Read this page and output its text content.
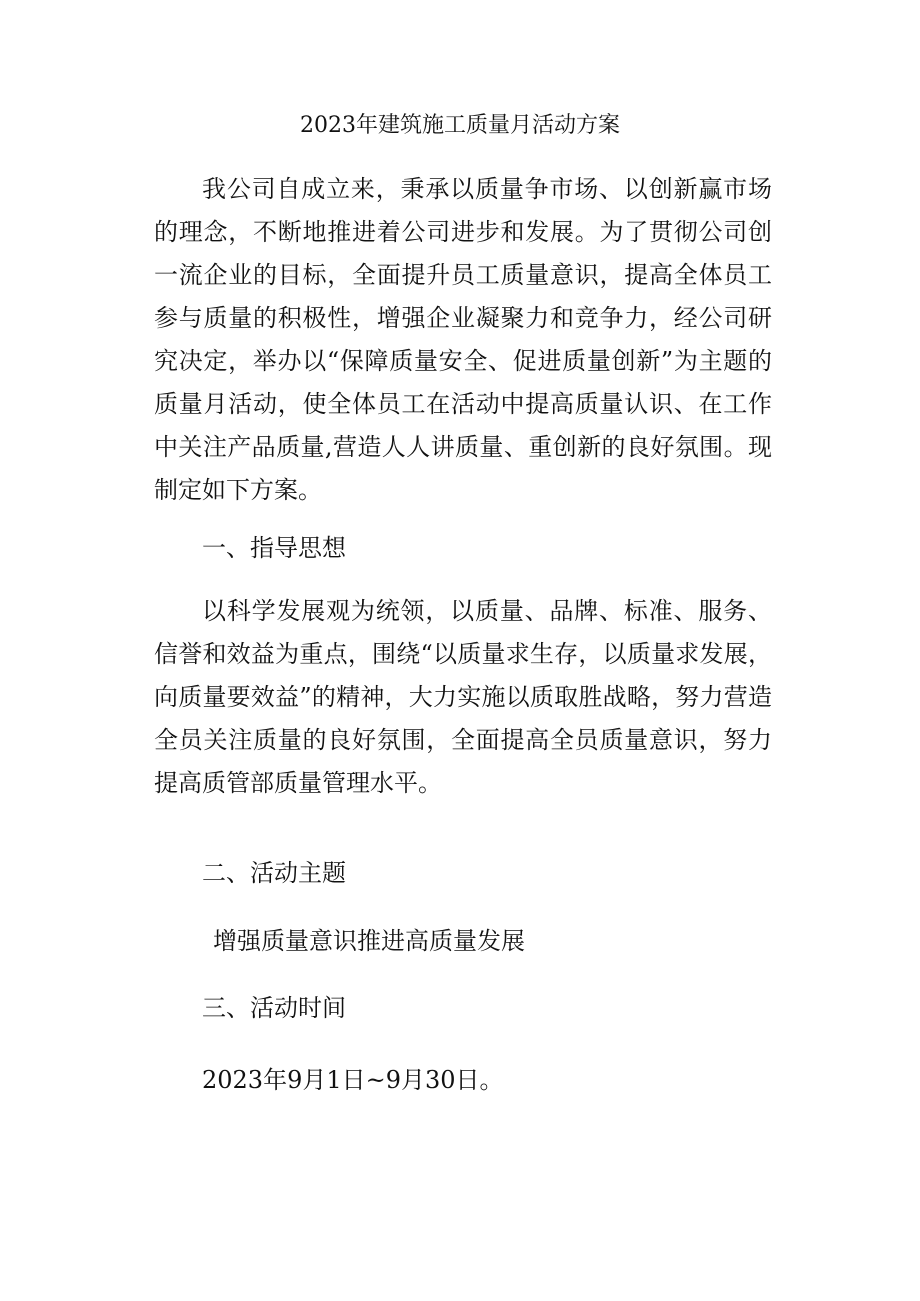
2023年建筑施工质量月活动方案

我公司自成立来，秉承以质量争市场、以创新赢市场的理念，不断地推进着公司进步和发展。为了贯彻公司创一流企业的目标，全面提升员工质量意识，提高全体员工参与质量的积极性，增强企业凝聚力和竞争力，经公司研究决定，举办以“保障质量安全、促进质量创新”为主题的质量月活动，使全体员工在活动中提高质量认识、在工作中关注产品质量,营造人人讲质量、重创新的良好氛围。现制定如下方案。

一、指导思想

以科学发展观为统领，以质量、品牌、标准、服务、信誉和效益为重点，围绕“以质量求生存，以质量求发展，向质量要效益”的精神，大力实施以质取胜战略，努力营造全员关注质量的良好氛围，全面提高全员质量意识，努力提高质管部质量管理水平。

二、活动主题

增强质量意识推进高质量发展

三、活动时间

2023年9月1日~9月30日。
